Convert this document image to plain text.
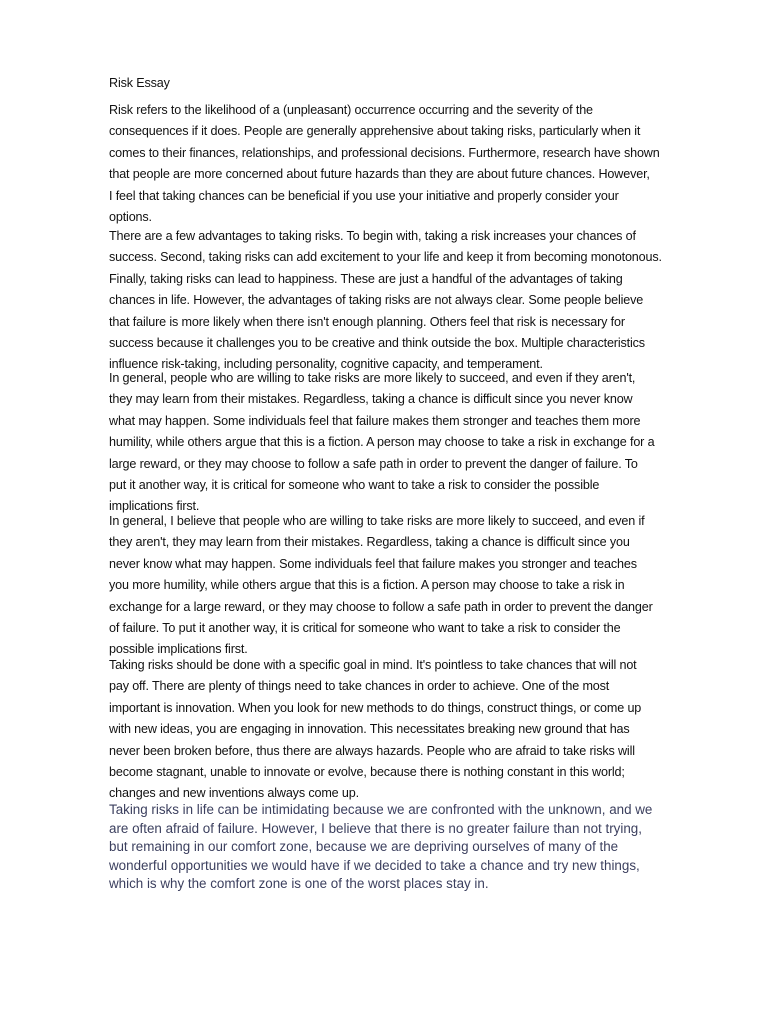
Risk Essay
Risk refers to the likelihood of a (unpleasant) occurrence occurring and the severity of the
consequences if it does. People are generally apprehensive about taking risks, particularly when it
comes to their finances, relationships, and professional decisions. Furthermore, research have shown
that people are more concerned about future hazards than they are about future chances. However,
I feel that taking chances can be beneficial if you use your initiative and properly consider your
options.
There are a few advantages to taking risks. To begin with, taking a risk increases your chances of
success. Second, taking risks can add excitement to your life and keep it from becoming monotonous.
Finally, taking risks can lead to happiness. These are just a handful of the advantages of taking
chances in life. However, the advantages of taking risks are not always clear. Some people believe
that failure is more likely when there isn't enough planning. Others feel that risk is necessary for
success because it challenges you to be creative and think outside the box. Multiple characteristics
influence risk-taking, including personality, cognitive capacity, and temperament.
In general, people who are willing to take risks are more likely to succeed, and even if they aren't,
they may learn from their mistakes. Regardless, taking a chance is difficult since you never know
what may happen. Some individuals feel that failure makes them stronger and teaches them more
humility, while others argue that this is a fiction. A person may choose to take a risk in exchange for a
large reward, or they may choose to follow a safe path in order to prevent the danger of failure. To
put it another way, it is critical for someone who want to take a risk to consider the possible
implications first.
In general, I believe that people who are willing to take risks are more likely to succeed, and even if
they aren't, they may learn from their mistakes. Regardless, taking a chance is difficult since you
never know what may happen. Some individuals feel that failure makes you stronger and teaches
you more humility, while others argue that this is a fiction. A person may choose to take a risk in
exchange for a large reward, or they may choose to follow a safe path in order to prevent the danger
of failure. To put it another way, it is critical for someone who want to take a risk to consider the
possible implications first.
Taking risks should be done with a specific goal in mind. It's pointless to take chances that will not
pay off. There are plenty of things need to take chances in order to achieve. One of the most
important is innovation. When you look for new methods to do things, construct things, or come up
with new ideas, you are engaging in innovation. This necessitates breaking new ground that has
never been broken before, thus there are always hazards. People who are afraid to take risks will
become stagnant, unable to innovate or evolve, because there is nothing constant in this world;
changes and new inventions always come up.
Taking risks in life can be intimidating because we are confronted with the unknown, and we
are often afraid of failure. However, I believe that there is no greater failure than not trying,
but remaining in our comfort zone, because we are depriving ourselves of many of the
wonderful opportunities we would have if we decided to take a chance and try new things,
which is why the comfort zone is one of the worst places stay in.
